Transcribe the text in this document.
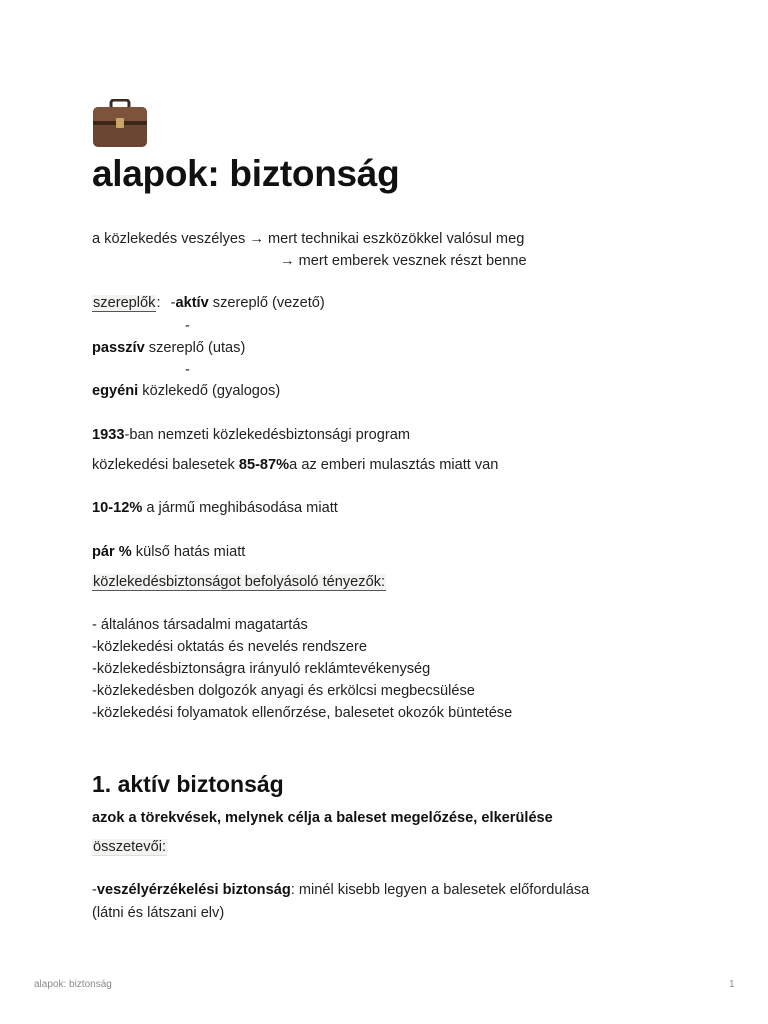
alapok: biztonság
a közlekedés veszélyes → mert technikai eszközökkel valósul meg
→ mert emberek vesznek részt benne
szereplők: -aktív szereplő (vezető)
-
passzív szereplő (utas)
-
egyéni közlekedő (gyalogos)
1933-ban nemzeti közlekedésbiztonsági program
közlekedési balesetek 85-87%a az emberi mulasztás miatt van
10-12% a jármű meghibásodása miatt
pár % külső hatás miatt
közlekedésbiztonságot befolyásoló tényezők:
- általános társadalmi magatartás
-közlekedési oktatás és nevelés rendszere
-közlekedésbiztonságra irányuló reklámtevékenység
-közlekedésben dolgozók anyagi és erkölcsi megbecsülése
-közlekedési folyamatok ellenőrzése, balesetet okozók büntetése
1. aktív biztonság
azok a törekvések, melynek célja a baleset megelőzése, elkerülése
összetevői:
-veszélyérzékelési biztonság: minél kisebb legyen a balesetek előfordulása
(látni és látszani elv)
alapok: biztonság	1
